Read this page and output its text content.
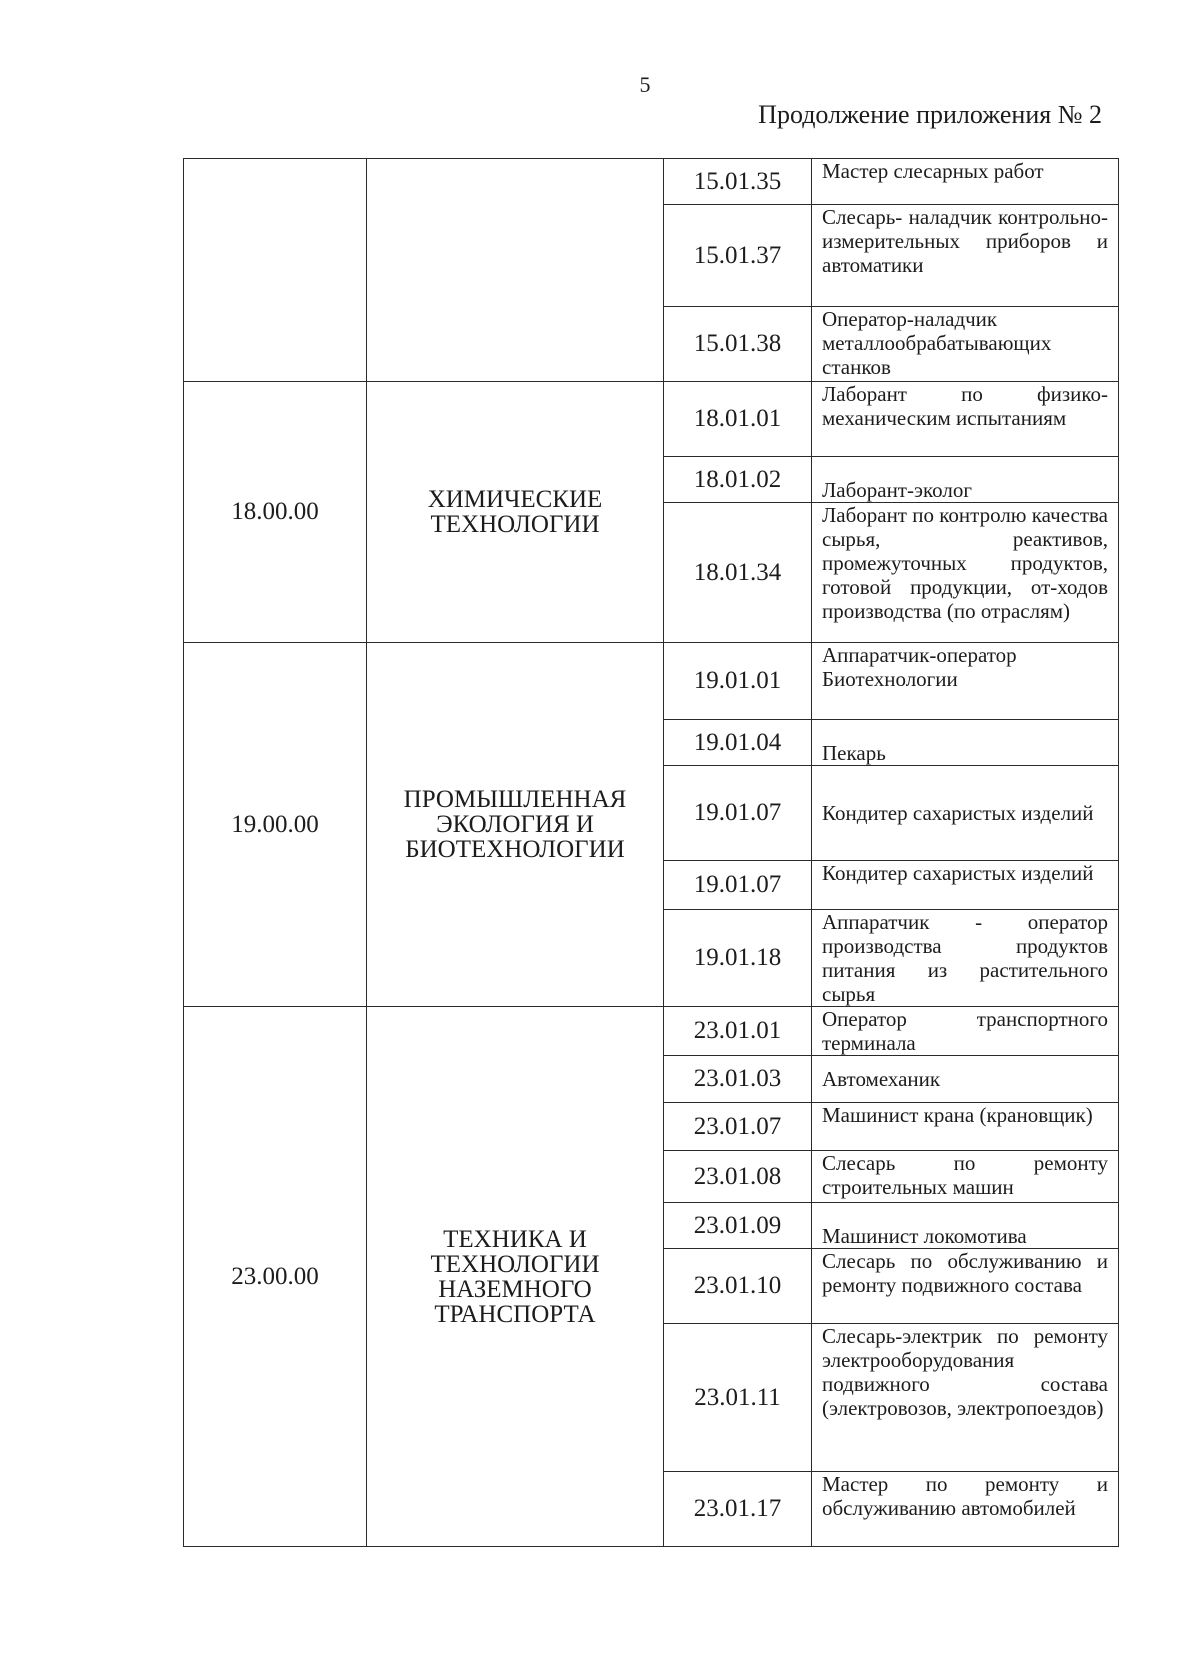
5
Продолжение приложения № 2
		15.01.35	Мастер слесарных работ
		15.01.37	Слесарь- наладчик контрольно-измерительных приборов и автоматики
		15.01.38	Оператор-наладчик металлообрабатывающих станков
18.00.00	ХИМИЧЕСКИЕ ТЕХНОЛОГИИ	18.01.01	Лаборант по физико-механическим испытаниям
		18.01.02	Лаборант-эколог
		18.01.34	Лаборант по контролю качества сырья, реактивов, промежуточных продуктов, готовой продукции, от-ходов производства (по отраслям)
19.00.00	ПРОМЫШЛЕННАЯ ЭКОЛОГИЯ И БИОТЕХНОЛОГИИ	19.01.01	Аппаратчик-оператор Биотехнологии
		19.01.04	Пекарь
		19.01.07	Кондитер сахаристых изделий
		19.01.07	Кондитер сахаристых изделий
		19.01.18	Аппаратчик - оператор производства продуктов питания из растительного сырья
23.00.00	ТЕХНИКА И ТЕХНОЛОГИИ НАЗЕМНОГО ТРАНСПОРТА	23.01.01	Оператор транспортного терминала
		23.01.03	Автомеханик
		23.01.07	Машинист крана (крановщик)
		23.01.08	Слесарь по ремонту строительных машин
		23.01.09	Машинист локомотива
		23.01.10	Слесарь по обслуживанию и ремонту подвижного состава
		23.01.11	Слесарь-электрик по ремонту электрооборудования подвижного состава (электровозов, электропоездов)
		23.01.17	Мастер по ремонту и обслуживанию автомобилей
